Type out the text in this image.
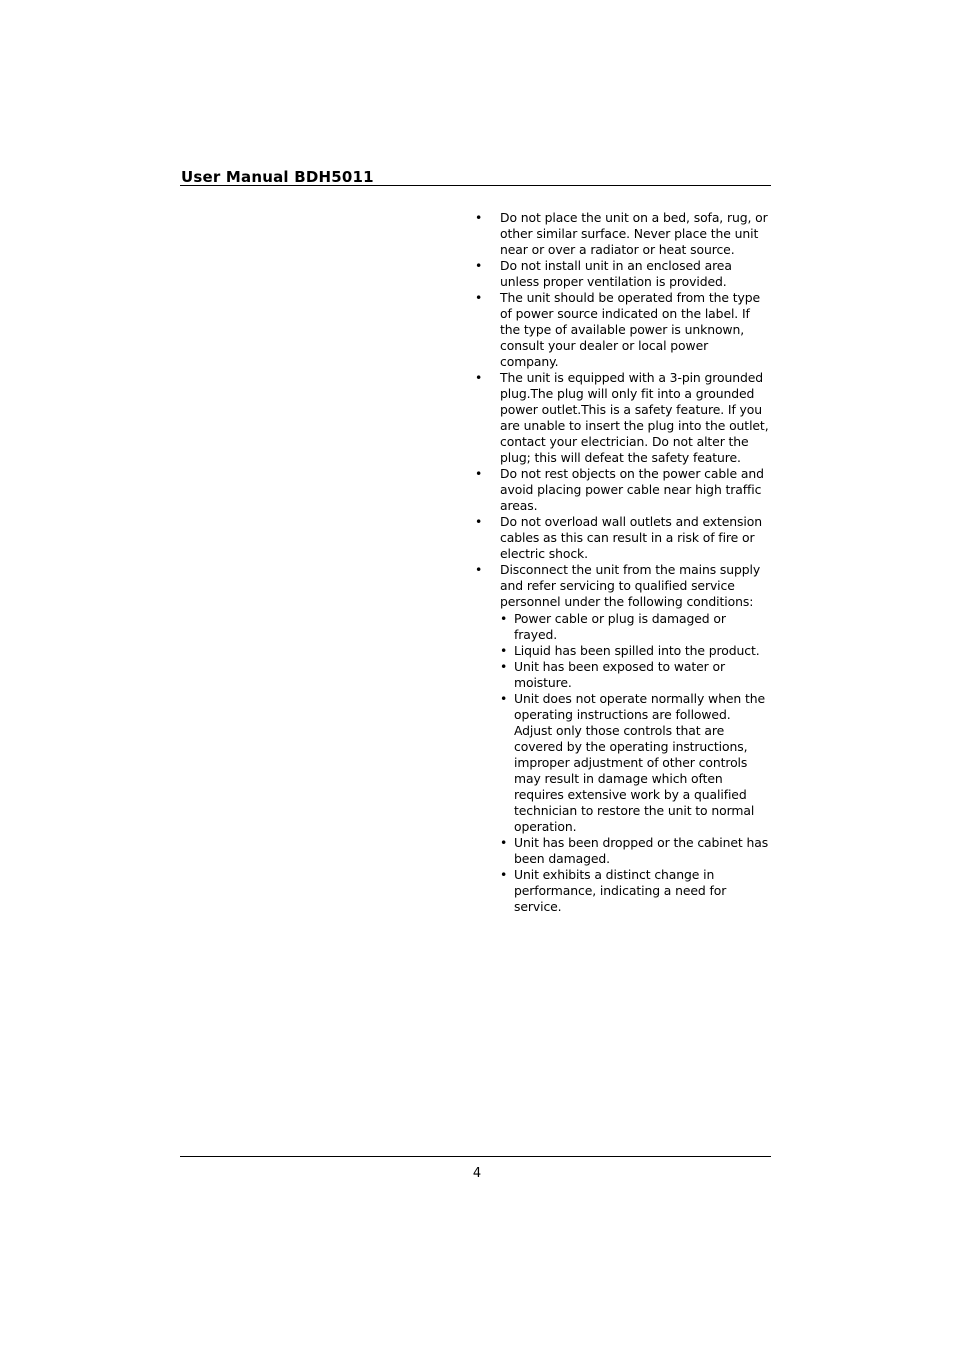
User Manual BDH5011
• Do not place the unit on a bed, sofa, rug, or other similar surface. Never place the unit near or over a radiator or heat source.
• Do not install unit in an enclosed area unless proper ventilation is provided.
• The unit should be operated from the type of power source indicated on the label. If the type of available power is unknown, consult your dealer or local power company.
• The unit is equipped with a 3-pin grounded plug.The plug will only fit into a grounded power outlet.This is a safety feature. If you are unable to insert the plug into the outlet, contact your electrician. Do not alter the plug; this will defeat the safety feature.
• Do not rest objects on the power cable and avoid placing power cable near high traffic areas.
• Do not overload wall outlets and extension cables as this can result in a risk of fire or electric shock.
• Disconnect the unit from the mains supply and refer servicing to qualified service personnel under the following conditions:
• Power cable or plug is damaged or frayed.
• Liquid has been spilled into the product.
• Unit has been exposed to water or moisture.
• Unit does not operate normally when the operating instructions are followed. Adjust only those controls that are covered by the operating instructions, improper adjustment of other controls may result in damage which often requires extensive work by a qualified technician to restore the unit to normal operation.
• Unit has been dropped or the cabinet has been damaged.
• Unit exhibits a distinct change in performance, indicating a need for service.
4
